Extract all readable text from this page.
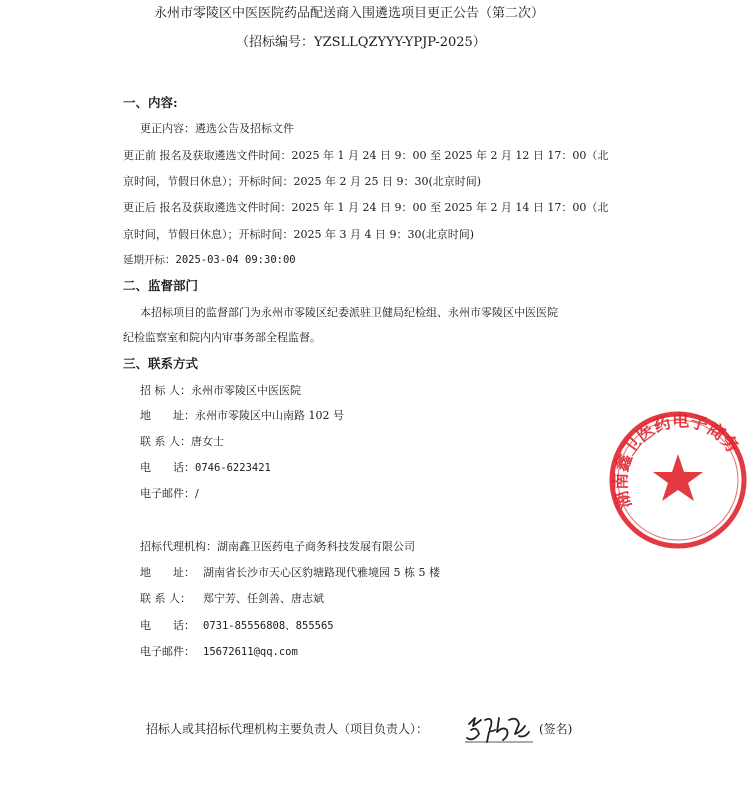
永州市零陵区中医医院药品配送商入围遴选项目更正公告（第二次）
（招标编号：YZSLLQZYYY-YPJP-2025）
一、内容:
更正内容：遴选公告及招标文件
更正前 报名及获取遴选文件时间：2025 年 1 月 24 日 9：00 至 2025 年 2 月 12 日 17：00（北
京时间，节假日休息）；开标时间：2025 年 2 月 25 日 9：30(北京时间)
更正后 报名及获取遴选文件时间：2025 年 1 月 24 日 9：00 至 2025 年 2 月 14 日 17：00（北
京时间，节假日休息）；开标时间：2025 年 3 月 4 日 9：30(北京时间)
延期开标：2025-03-04 09:30:00
二、监督部门
本招标项目的监督部门为永州市零陵区纪委派驻卫健局纪检组、永州市零陵区中医医院
纪检监察室和院内内审事务部全程监督。
三、联系方式
招 标 人：永州市零陵区中医医院
地　　址：永州市零陵区中山南路 102 号
联 系 人：唐女士
电　　话：0746-6223421
电子邮件：/
招标代理机构：湖南鑫卫医药电子商务科技发展有限公司
地　　址： 湖南省长沙市天心区豹塘路现代雅境园 5 栋 5 楼
联 系 人： 郑宁芳、任剑善、唐志斌
电　　话： 0731-85556808、855565
电子邮件： 15672611@qq.com
招标人或其招标代理机构主要负责人（项目负责人）：	(签名)
湖南鑫卫医药电子商务
